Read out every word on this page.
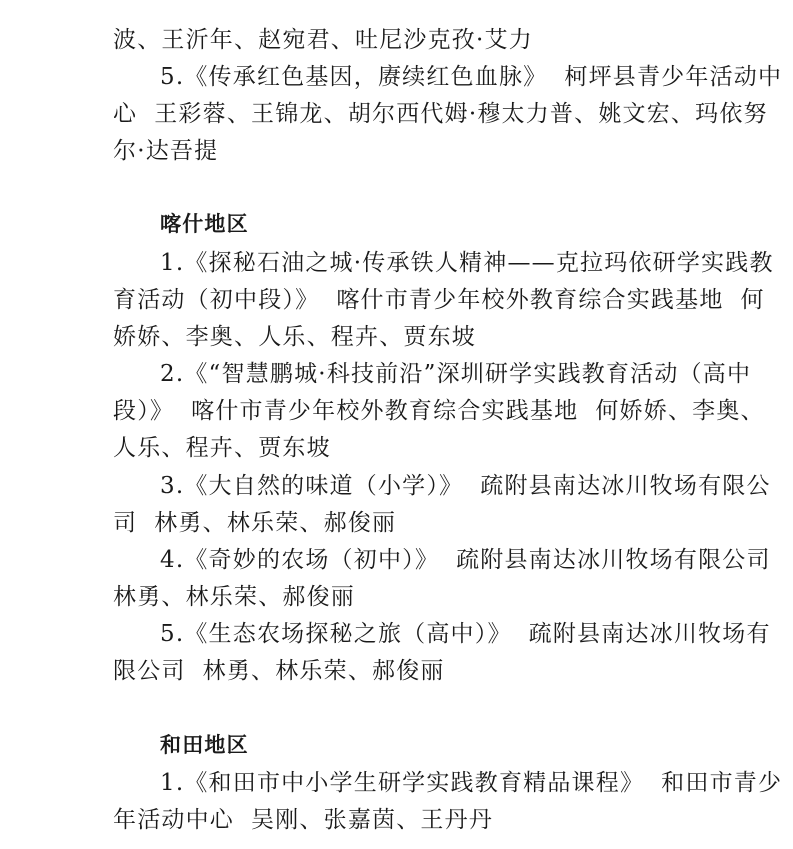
波、王沂年、赵宛君、吐尼沙克孜·艾力
5.《传承红色基因，赓续红色血脉》  柯坪县青少年活动中
心  王彩蓉、王锦龙、胡尔西代姆·穆太力普、姚文宏、玛依努
尔·达吾提
喀什地区
1.《探秘石油之城·传承铁人精神——克拉玛依研学实践教
育活动（初中段）》  喀什市青少年校外教育综合实践基地  何
娇娇、李奥、人乐、程卉、贾东坡
2.《“智慧鹏城·科技前沿”深圳研学实践教育活动（高中
段）》  喀什市青少年校外教育综合实践基地  何娇娇、李奥、
人乐、程卉、贾东坡
3.《大自然的味道（小学）》  疏附县南达冰川牧场有限公
司  林勇、林乐荣、郝俊丽
4.《奇妙的农场（初中）》  疏附县南达冰川牧场有限公司
林勇、林乐荣、郝俊丽
5.《生态农场探秘之旅（高中）》  疏附县南达冰川牧场有
限公司  林勇、林乐荣、郝俊丽
和田地区
1.《和田市中小学生研学实践教育精品课程》  和田市青少
年活动中心  吴刚、张嘉茵、王丹丹
